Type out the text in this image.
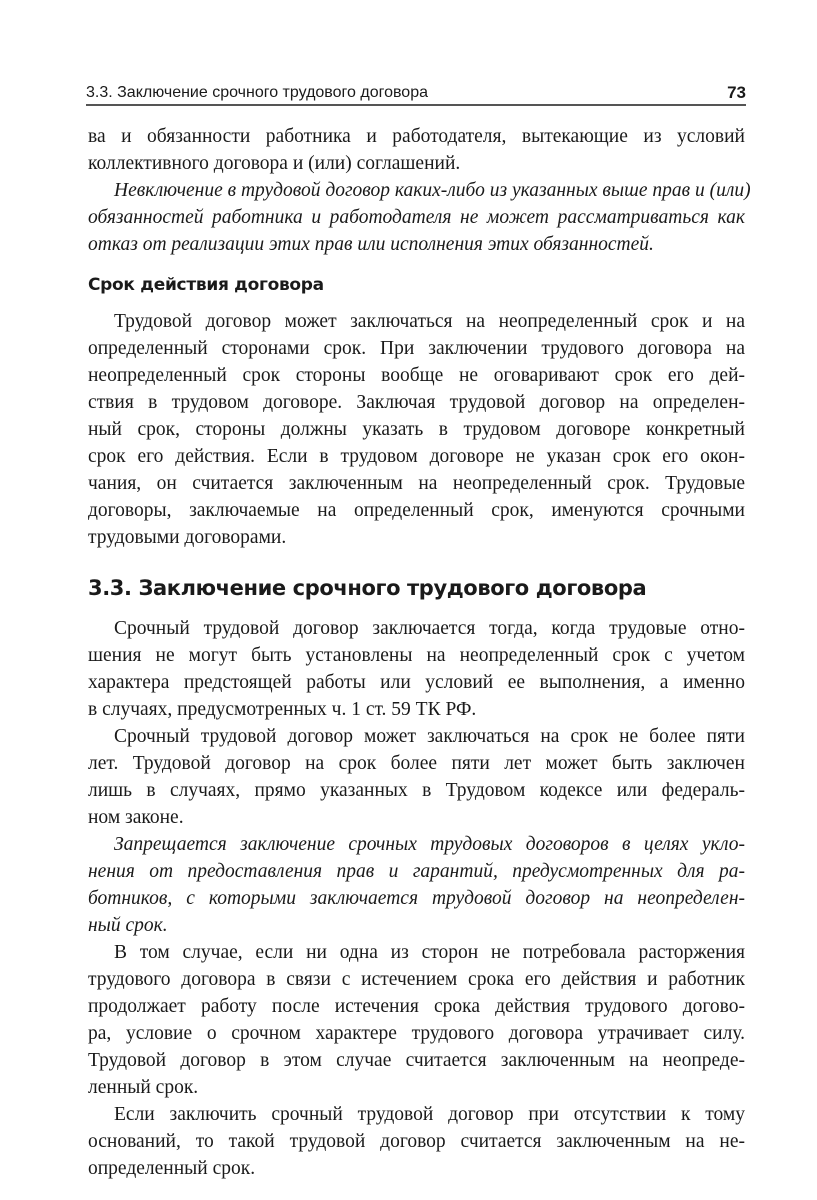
3.3. Заключение срочного трудового договора	73
ва и обязанности работника и работодателя, вытекающие из условий
коллективного договора и (или) соглашений.
Невключение в трудовой договор каких-либо из указанных выше прав и (или)
обязанностей работника и работодателя не может рассматриваться как
отказ от реализации этих прав или исполнения этих обязанностей.
Срок действия договора
Трудовой договор может заключаться на неопределенный срок и на
определенный сторонами срок. При заключении трудового договора на
неопределенный срок стороны вообще не оговаривают срок его дей-
ствия в трудовом договоре. Заключая трудовой договор на определен-
ный срок, стороны должны указать в трудовом договоре конкретный
срок его действия. Если в трудовом договоре не указан срок его окон-
чания, он считается заключенным на неопределенный срок. Трудовые
договоры, заключаемые на определенный срок, именуются срочными
трудовыми договорами.
3.3. Заключение срочного трудового договора
Срочный трудовой договор заключается тогда, когда трудовые отно-
шения не могут быть установлены на неопределенный срок с учетом
характера предстоящей работы или условий ее выполнения, а именно
в случаях, предусмотренных ч. 1 ст. 59 ТК РФ.
Срочный трудовой договор может заключаться на срок не более пяти
лет. Трудовой договор на срок более пяти лет может быть заключен
лишь в случаях, прямо указанных в Трудовом кодексе или федераль-
ном законе.
Запрещается заключение срочных трудовых договоров в целях укло-
нения от предоставления прав и гарантий, предусмотренных для ра-
ботников, с которыми заключается трудовой договор на неопределен-
ный срок.
В том случае, если ни одна из сторон не потребовала расторжения
трудового договора в связи с истечением срока его действия и работник
продолжает работу после истечения срока действия трудового догово-
ра, условие о срочном характере трудового договора утрачивает силу.
Трудовой договор в этом случае считается заключенным на неопреде-
ленный срок.
Если заключить срочный трудовой договор при отсутствии к тому
оснований, то такой трудовой договор считается заключенным на не-
определенный срок.
